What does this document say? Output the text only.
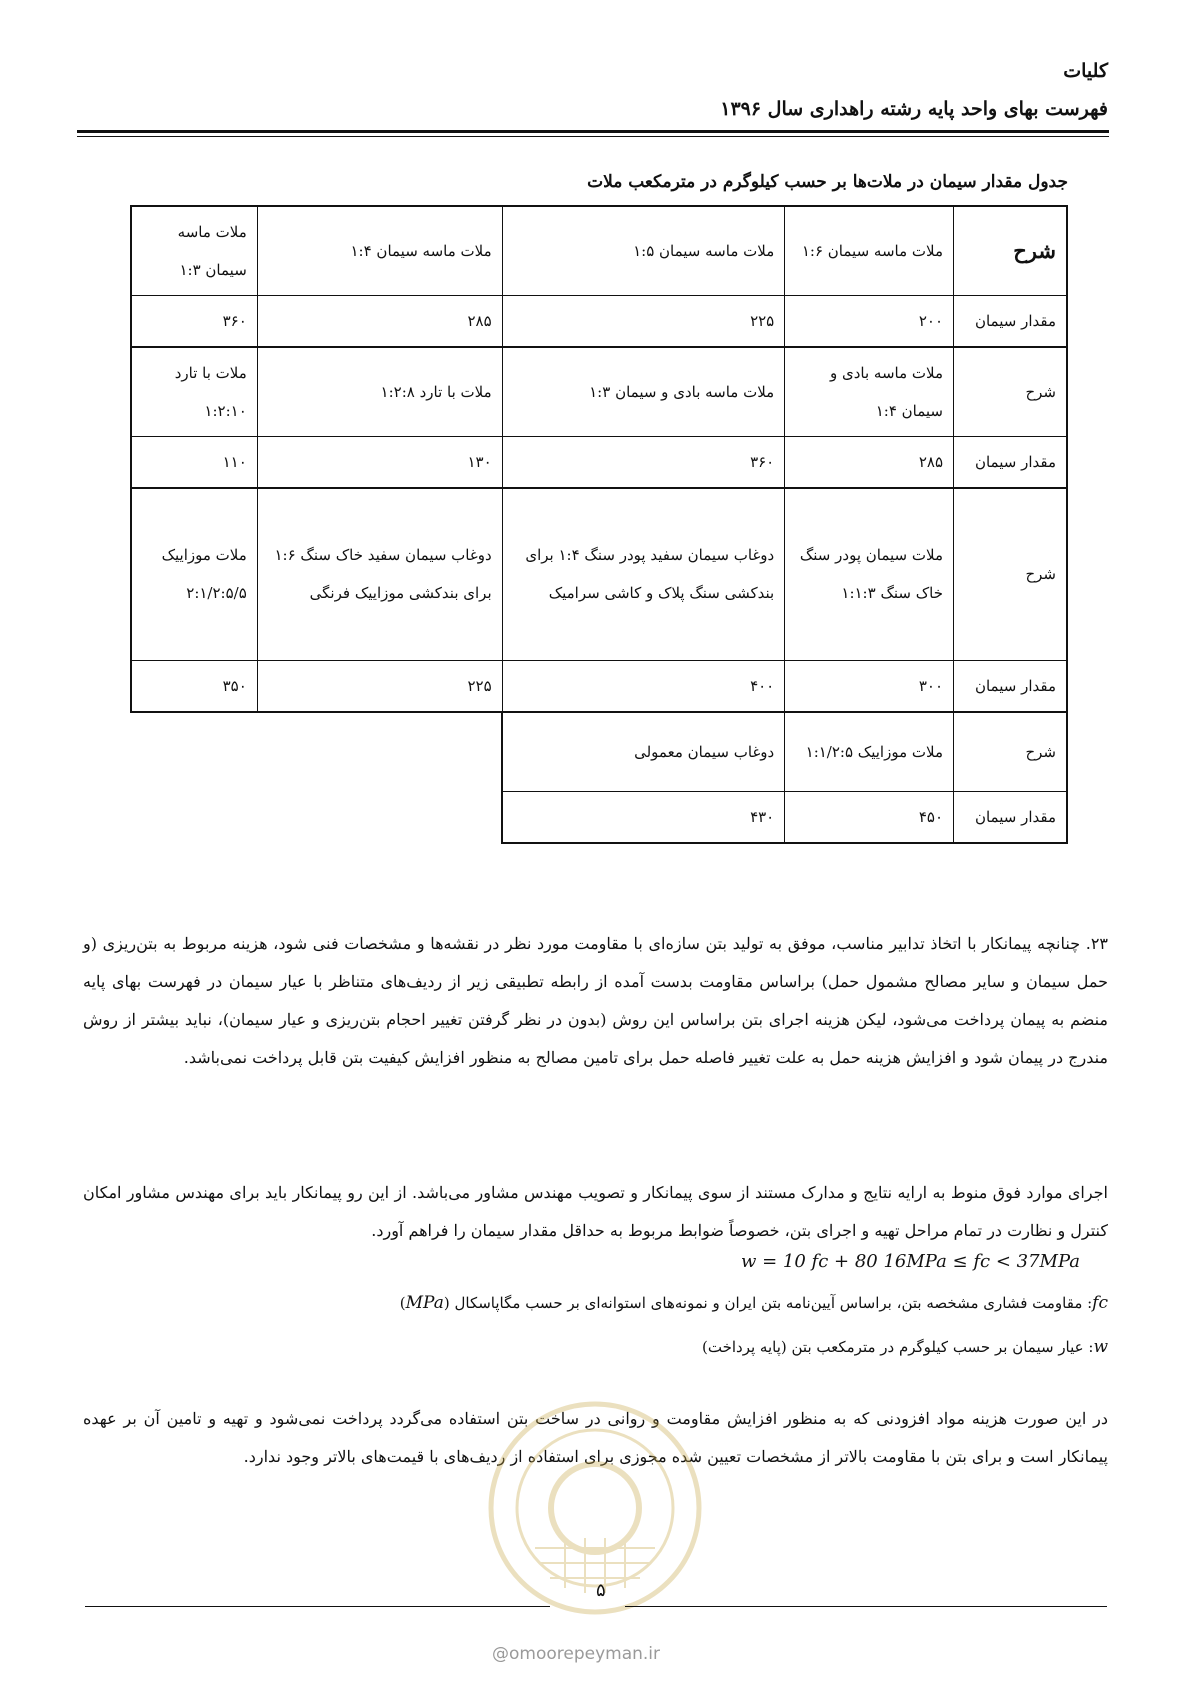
کلیات
فهرست بهای واحد پایه رشته راهداری سال ۱۳۹۶
جدول مقدار سیمان در ملات‌ها بر حسب کیلوگرم در مترمکعب ملات
شرح	ملات ماسه سیمان ۱:۶	ملات ماسه سیمان ۱:۵	ملات ماسه سیمان ۱:۴	ملات ماسه سیمان ۱:۳
مقدار سیمان	۲۰۰	۲۲۵	۲۸۵	۳۶۰
شرح	ملات ماسه بادی و سیمان ۱:۴	ملات ماسه بادی و سیمان ۱:۳	ملات با تارد ۱:۲:۸	ملات با تارد ۱:۲:۱۰
مقدار سیمان	۲۸۵	۳۶۰	۱۳۰	۱۱۰
شرح	ملات سیمان پودر سنگ خاک سنگ ۱:۱:۳	دوغاب سیمان سفید پودر سنگ ۱:۴ برای بندکشی سنگ پلاک و کاشی سرامیک	دوغاب سیمان سفید خاک سنگ ۱:۶ برای بندکشی موزاییک فرنگی	ملات موزاییک ۲:۱/۲:۵/۵
مقدار سیمان	۳۰۰	۴۰۰	۲۲۵	۳۵۰
شرح	ملات موزاییک ۱:۱/۲:۵	دوغاب سیمان معمولی		
مقدار سیمان	۴۵۰	۴۳۰		
۲۳. چنانچه پیمانکار با اتخاذ تدابیر مناسب، موفق به تولید بتن سازه‌ای با مقاومت مورد نظر در نقشه‌ها و مشخصات فنی شود، هزینه مربوط به بتن‌ریزی (و حمل سیمان و سایر مصالح مشمول حمل) براساس مقاومت بدست آمده از رابطه تطبیقی زیر از ردیف‌های متناظر با عیار سیمان در فهرست بهای پایه منضم به پیمان پرداخت می‌شود، لیکن هزینه اجرای بتن براساس این روش (بدون در نظر گرفتن تغییر احجام بتن‌ریزی و عیار سیمان)، نباید بیشتر از روش مندرج در پیمان شود و افزایش هزینه حمل به علت تغییر فاصله حمل برای تامین مصالح به منظور افزایش کیفیت بتن قابل پرداخت نمی‌باشد.
اجرای موارد فوق منوط به ارایه نتایج و مدارک مستند از سوی پیمانکار و تصویب مهندس مشاور می‌باشد. از این رو پیمانکار باید برای مهندس مشاور امکان کنترل و نظارت در تمام مراحل تهیه و اجرای بتن، خصوصاً ضوابط مربوط به حداقل مقدار سیمان را فراهم آورد.
w = 10 fc + 80 16MPa ≤ fc < 37MPa
fc: مقاومت فشاری مشخصه بتن، براساس آیین‌نامه بتن ایران و نمونه‌های استوانه‌ای بر حسب مگاپاسکال (MPa)
w: عیار سیمان بر حسب کیلوگرم در مترمکعب بتن (پایه پرداخت)
در این صورت هزینه مواد افزودنی که به منظور افزایش مقاومت و روانی در ساخت بتن استفاده می‌گردد پرداخت نمی‌شود و تهیه و تامین آن بر عهده پیمانکار است و برای بتن با مقاومت بالاتر از مشخصات تعیین شده مجوزی برای استفاده از ردیف‌های با قیمت‌های بالاتر وجود ندارد.
۵
@omoorepeyman.ir
